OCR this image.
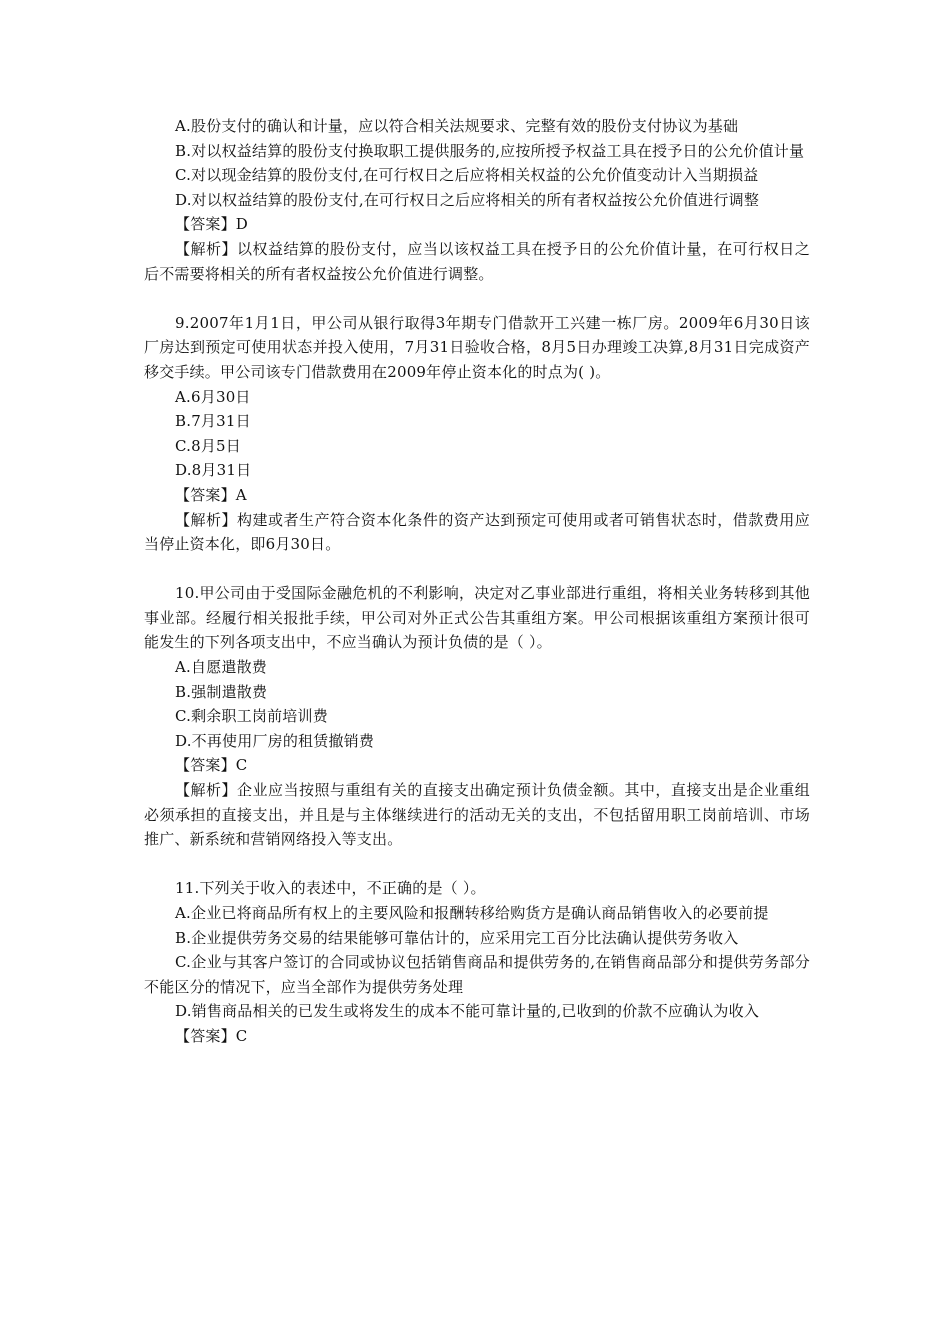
A.股份支付的确认和计量，应以符合相关法规要求、完整有效的股份支付协议为基础

B.对以权益结算的股份支付换取职工提供服务的,应按所授予权益工具在授予日的公允价值计量

C.对以现金结算的股份支付,在可行权日之后应将相关权益的公允价值变动计入当期损益

D.对以权益结算的股份支付,在可行权日之后应将相关的所有者权益按公允价值进行调整

【答案】D

【解析】以权益结算的股份支付，应当以该权益工具在授予日的公允价值计量，在可行权日之后不需要将相关的所有者权益按公允价值进行调整。

9.2007年1月1日，甲公司从银行取得3年期专门借款开工兴建一栋厂房。2009年6月30日该厂房达到预定可使用状态并投入使用，7月31日验收合格，8月5日办理竣工决算,8月31日完成资产移交手续。甲公司该专门借款费用在2009年停止资本化的时点为( )。

A.6月30日

B.7月31日

C.8月5日

D.8月31日

【答案】A

【解析】构建或者生产符合资本化条件的资产达到预定可使用或者可销售状态时，借款费用应当停止资本化，即6月30日。

10.甲公司由于受国际金融危机的不利影响，决定对乙事业部进行重组，将相关业务转移到其他事业部。经履行相关报批手续，甲公司对外正式公告其重组方案。甲公司根据该重组方案预计很可能发生的下列各项支出中，不应当确认为预计负债的是（ ）。

A.自愿遣散费

B.强制遣散费

C.剩余职工岗前培训费

D.不再使用厂房的租赁撤销费

【答案】C

【解析】企业应当按照与重组有关的直接支出确定预计负债金额。其中，直接支出是企业重组必须承担的直接支出，并且是与主体继续进行的活动无关的支出，不包括留用职工岗前培训、市场推广、新系统和营销网络投入等支出。

11.下列关于收入的表述中，不正确的是（ ）。

A.企业已将商品所有权上的主要风险和报酬转移给购货方是确认商品销售收入的必要前提

B.企业提供劳务交易的结果能够可靠估计的，应采用完工百分比法确认提供劳务收入

C.企业与其客户签订的合同或协议包括销售商品和提供劳务的,在销售商品部分和提供劳务部分不能区分的情况下，应当全部作为提供劳务处理

D.销售商品相关的已发生或将发生的成本不能可靠计量的,已收到的价款不应确认为收入

【答案】C
